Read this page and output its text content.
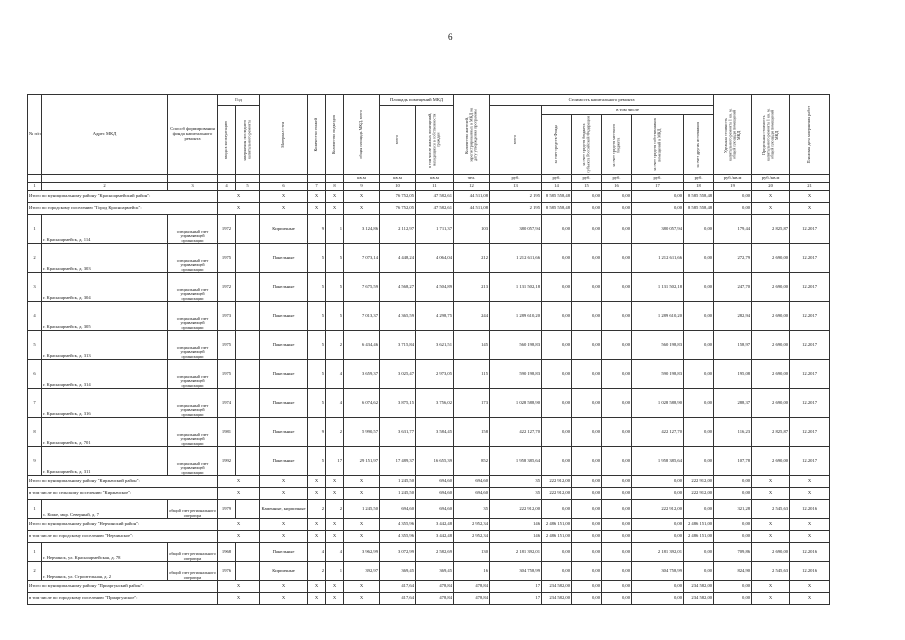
6
№ п/п	Адрес МКД	Способ формирования фонда капитального ремонта	Год		Материал стен	Количество этажей	Количество подъездов	общая площадь МКД, всего	Площадь помещений МКД		Количество жителей, зарегистрированных в МКД на дату утверждения программы	Стоимость капитального ремонта						Удельная стоимость капитального ремонта 1 кв. м. общей площади помещений МКД	Предельная стоимость капитального ремонта 1 кв. м. общей площади помещений МКД	Плановая дата завершения работ	

			ввода в эксплуатацию	завершения последнего капитального ремонта					всего	в том числе жилых помещений, находящихся в собственности граждан		всего	в том числе								

													за счет средств Фонда	за счет средств бюджета субъекта Российской Федерации	за счет средств местного бюджета	за счет средств собственников помещений в МКД	за счет других источников				

								кв.м	кв.м	кв.м	чел.	руб.	руб.	руб.	руб.	руб.	руб.	руб./кв.м	руб./кв.м		
1	2	3	4	5	6	7	8	9	10	11	12	13	14	15	16	17	18	19	20	21	
Итого по муниципальному району "Красноармейский район":			X		X	X	X	X	76 752,05	47 582,61	44 511,08	2 195	8 585 558,48	0,00	0,00	0,00	8 585 558,48	0,00	X	X	
Итого по городскому поселению "Город Красноармейск":			X		X	X	X	X	76 752,05	47 582,61	44 511,08	2 195	8 585 558,48	0,00	0,00	0,00	8 585 558,48	0,00	X	X	
1	г. Красноармейск, д. 114	специальный счет управляющей организации	1972		Кирпичные	9	1	3 124,86	2 112,97	1 711,37	103	380 057,94	0,00	0,00	0,00	380 057,94	0,00	179,44	2 825,87	12.2017	
2	г. Красноармейск, д. 303	специальный счет управляющей организации	1975		Панельные	5	5	7 073,14	4 448,24	4 064,04	212	1 212 611,66	0,00	0,00	0,00	1 212 611,66	0,00	272,79	2 690,00	12.2017	
3	г. Красноармейск, д. 304	специальный счет управляющей организации	1972		Панельные	5	5	7 675,59	4 568,27	4 504,89	213	1 131 502,18	0,00	0,00	0,00	1 131 502,18	0,00	247,70	2 690,00	12.2017	
4	г. Красноармейск, д. 305	специальный счет управляющей организации	1973		Панельные	5	5	7 013,37	4 365,59	4 298,75	244	1 289 610,20	0,00	0,00	0,00	1 289 610,20	0,00	282,94	2 690,00	12.2017	
5	г. Красноармейск, д. 313	специальный счет управляющей организации	1975		Панельные	5	2	6 434,46	3 715,84	3 621,51	145	560 198,83	0,00	0,00	0,00	560 198,83	0,00	158,97	2 690,00	12.2017	
6	г. Красноармейск, д. 314	специальный счет управляющей организации	1975		Панельные	5	4	3 659,37	3 025,47	2 973,05	115	590 198,83	0,00	0,00	0,00	590 198,83	0,00	195,08	2 690,00	12.2017	
7	г. Красноармейск, д. 316	специальный счет управляющей организации	1974		Панельные	5	4	6 074,62	3 875,15	3 756,02	173	1 028 588,90	0,00	0,00	0,00	1 028 588,90	0,00	288,37	2 690,00	12.2017	
8	г. Красноармейск, д. 701	специальный счет управляющей организации	1981		Панельные	9	2	5 990,57	3 631,77	3 584,45	158	422 127,70	0,00	0,00	0,00	422 127,70	0,00	116,23	2 825,87	12.2017	
9	г. Красноармейск, д. 311	специальный счет управляющей организации	1992		Панельные	5	17	29 151,97	17 489,37	16 655,39	852	1 958 385,64	0,00	0,00	0,00	1 958 385,64	0,00	107,78	2 690,00	12.2017	
Итого по муниципальному району "Киржачский район":			X		X	X	X	X	1 245,50	694,60	694,60	35	222 912,00	0,00	0,00	0,00	222 912,00	0,00	X	X	
в том числе по сельскому поселению "Киржачское":			X		X	X	X	X	1 245,50	694,60	694,60	35	222 912,00	0,00	0,00	0,00	222 912,00	0,00	X	X	
1	с. Киже, мкр. Северный, д. 7	общий счет регионального оператора	1979		Каменные, кирпичные	2	2	1 245,50	694,60	694,60	35	222 912,00	0,00	0,00	0,00	222 912,00	0,00	321,28	2 545,63	12.2016	
Итого по муниципальному району "Нерчинский район":			X		X	X	X	X	4 355,96	3 442,48	2 952,34	146	2 486 151,00	0,00	0,00	0,00	2 486 151,00	0,00	X	X	
в том числе по городскому поселению "Нерчинское":			X		X	X	X	X	4 355,96	3 442,48	2 952,34	146	2 486 151,00	0,00	0,00	0,00	2 486 151,00	0,00	X	X	
1	г. Нерчинск, ул. Красноармейская, д. 78	общий счет регионального оператора	1968		Панельные	4	4	3 962,99	3 072,99	2 582,69	130	2 181 392,01	0,00	0,00	0,00	2 181 392,01	0,00	709,86	2 690,00	12.2016	
2	г. Нерчинск, ул. Строительная, д. 2	общий счет регионального оператора	1976		Кирпичные	2	1	392,97	369,45	369,45	16	304 758,99	0,00	0,00	0,00	304 758,99	0,00	824,90	2 545,63	12.2016	
Итого по муниципальному району "Приаргунский район":			X		X	X	X	X	417,64	478,84	478,84	17	234 582,00	0,00	0,00	0,00	234 582,00	0,00	X	X	
в том числе по городскому поселению "Приаргунское":			X		X	X	X	X	417,64	478,84	478,84	17	234 582,00	0,00	0,00	0,00	234 582,00	0,00	X	X	
